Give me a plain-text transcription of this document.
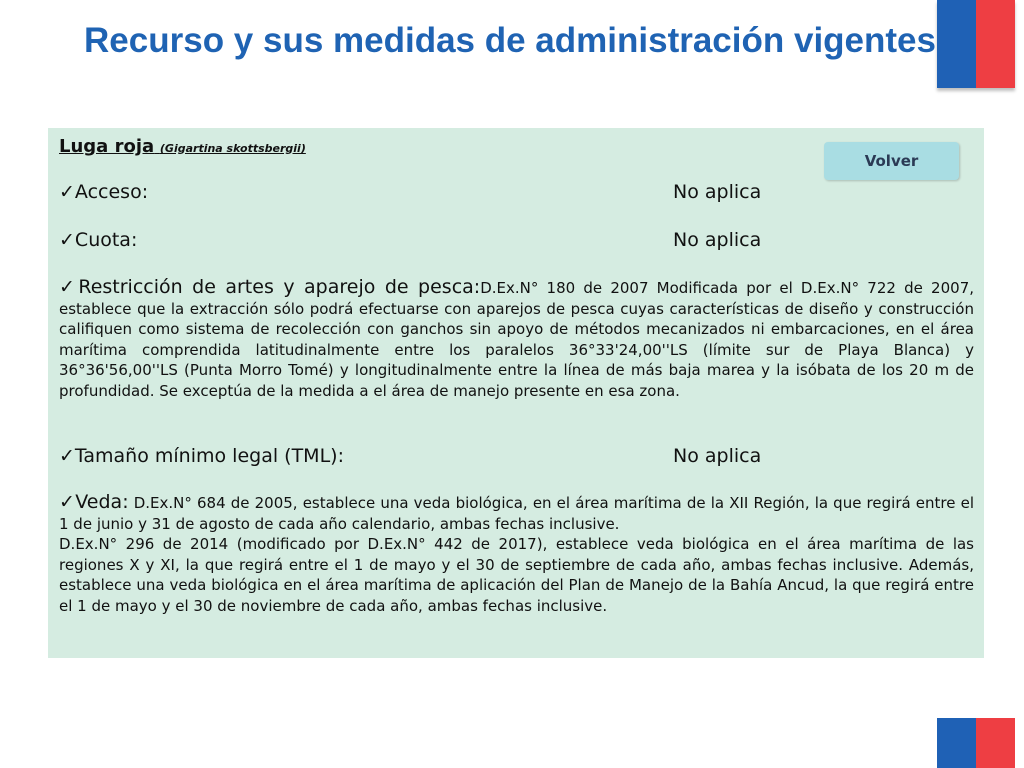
Recurso y sus medidas de administración vigentes
Luga roja (Gigartina skottsbergii)
Volver
✓Acceso:	No aplica
✓Cuota:	No aplica
✓Restricción de artes y aparejo de pesca:D.Ex.N° 180 de 2007 Modificada por el D.Ex.N° 722 de 2007, establece que la extracción sólo podrá efectuarse con aparejos de pesca cuyas características de diseño y construcción califiquen como sistema de recolección con ganchos sin apoyo de métodos mecanizados ni embarcaciones, en el área marítima comprendida latitudinalmente entre los paralelos 36°33'24,00''LS (límite sur de Playa Blanca) y 36°36'56,00''LS (Punta Morro Tomé) y longitudinalmente entre la línea de más baja marea y la isóbata de los 20 m de profundidad. Se exceptúa de la medida a el área de manejo presente en esa zona.
✓Tamaño mínimo legal (TML):	No aplica
✓Veda: D.Ex.N° 684 de 2005, establece una veda biológica, en el área marítima de la XII Región, la que regirá entre el 1 de junio y 31 de agosto de cada año calendario, ambas fechas inclusive.
D.Ex.N° 296 de 2014 (modificado por D.Ex.N° 442 de 2017), establece veda biológica en el área marítima de las regiones X y XI, la que regirá entre el 1 de mayo y el 30 de septiembre de cada año, ambas fechas inclusive. Además, establece una veda biológica en el área marítima de aplicación del Plan de Manejo de la Bahía Ancud, la que regirá entre el 1 de mayo y el 30 de noviembre de cada año, ambas fechas inclusive.
